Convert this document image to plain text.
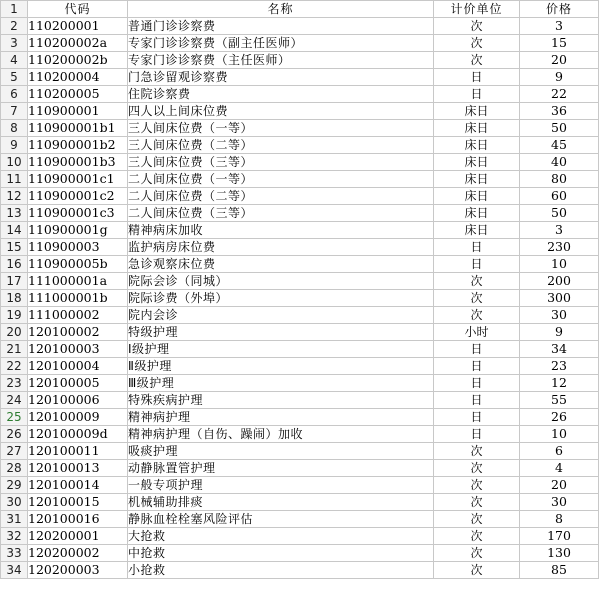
1	代码	名称	计价单位	价格
2	110200001	普通门诊诊察费	次	3
3	110200002a	专家门诊诊察费（副主任医师）	次	15
4	110200002b	专家门诊诊察费（主任医师）	次	20
5	110200004	门急诊留观诊察费	日	9
6	110200005	住院诊察费	日	22
7	110900001	四人以上间床位费	床日	36
8	110900001b1	三人间床位费（一等）	床日	50
9	110900001b2	三人间床位费（二等）	床日	45
10	110900001b3	三人间床位费（三等）	床日	40
11	110900001c1	二人间床位费（一等）	床日	80
12	110900001c2	二人间床位费（二等）	床日	60
13	110900001c3	二人间床位费（三等）	床日	50
14	110900001g	精神病床加收	床日	3
15	110900003	监护病房床位费	日	230
16	110900005b	急诊观察床位费	日	10
17	111000001a	院际会诊（同城）	次	200
18	111000001b	院际诊费（外埠）	次	300
19	111000002	院内会诊	次	30
20	120100002	特级护理	小时	9
21	120100003	Ⅰ级护理	日	34
22	120100004	Ⅱ级护理	日	23
23	120100005	Ⅲ级护理	日	12
24	120100006	特殊疾病护理	日	55
25	120100009	精神病护理	日	26
26	120100009d	精神病护理（自伤、躁闹）加收	日	10
27	120100011	吸痰护理	次	6
28	120100013	动静脉置管护理	次	4
29	120100014	一般专项护理	次	20
30	120100015	机械辅助排痰	次	30
31	120100016	静脉血栓栓塞风险评估	次	8
32	120200001	大抢救	次	170
33	120200002	中抢救	次	130
34	120200003	小抢救	次	85
